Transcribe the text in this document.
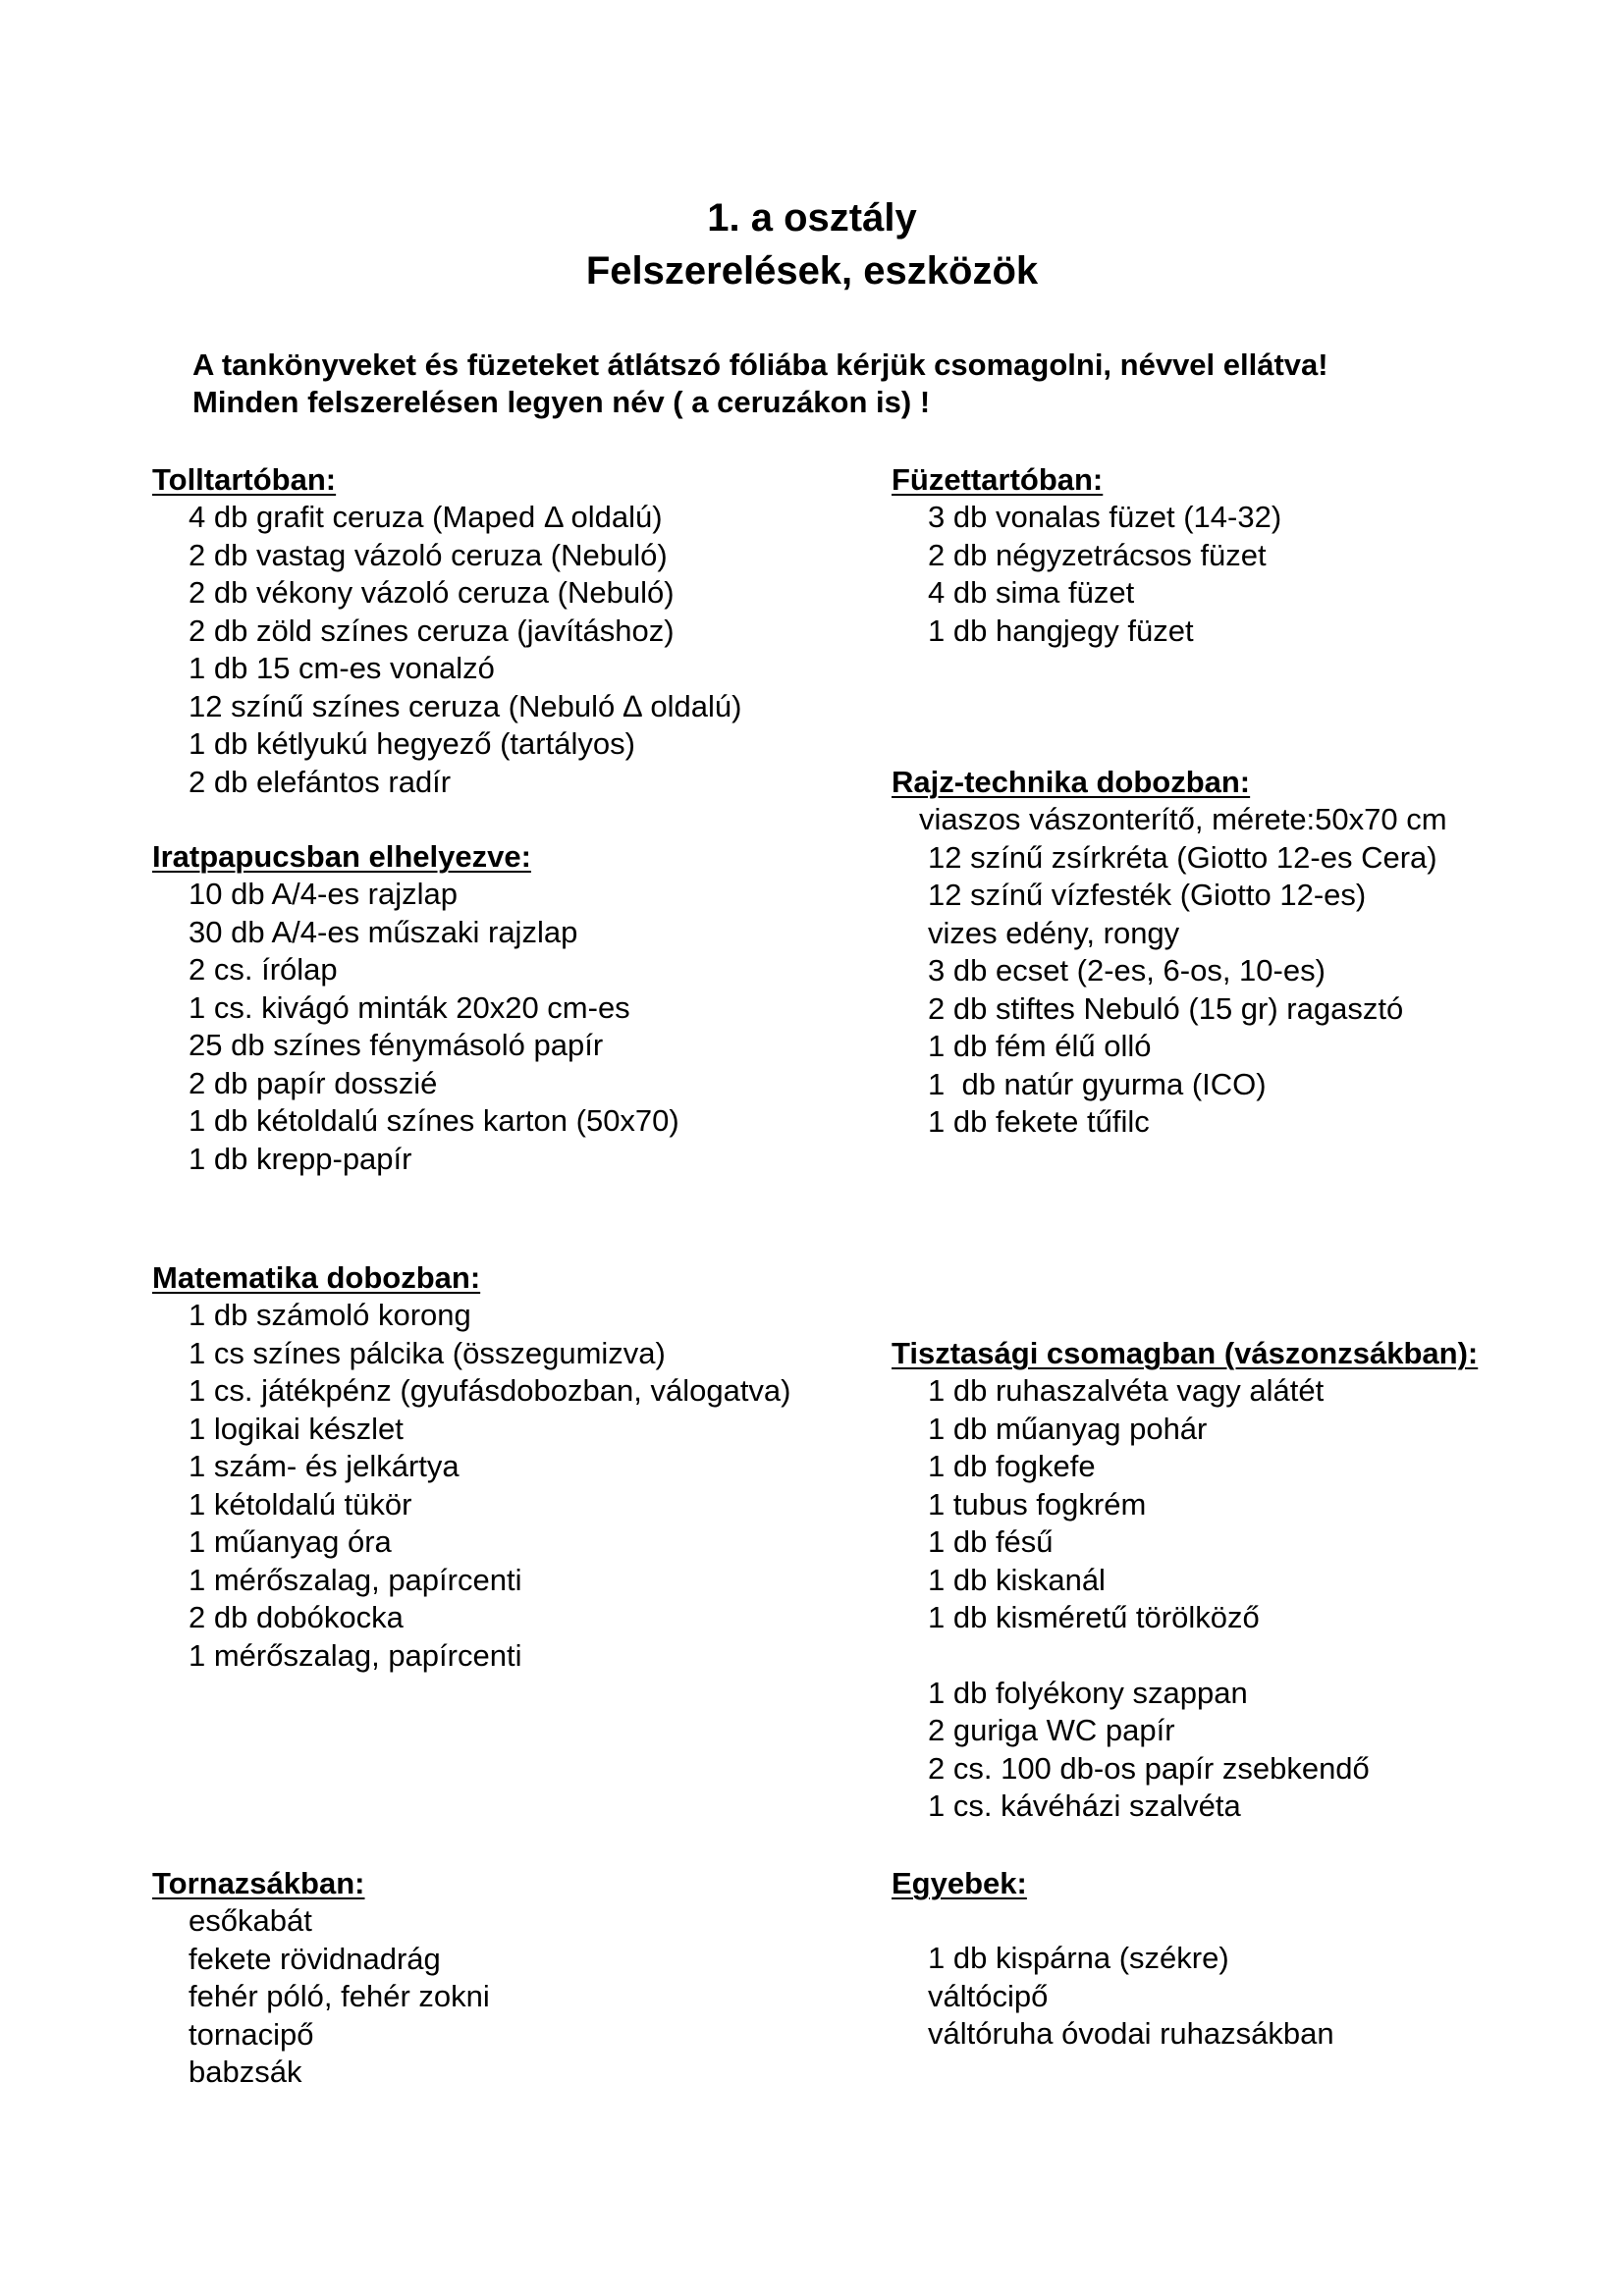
1. a osztály
Felszerelések, eszközök
A tankönyveket és füzeteket átlátszó fóliába kérjük csomagolni, névvel ellátva!
Minden felszerelésen legyen név ( a ceruzákon is) !
Tolltartóban:
4 db grafit ceruza (Maped Δ oldalú)
2 db vastag vázoló ceruza (Nebuló)
2 db vékony vázoló ceruza (Nebuló)
2 db zöld színes ceruza (javításhoz)
1 db 15 cm-es vonalzó
12 színű színes ceruza (Nebuló ∆ oldalú)
1 db kétlyukú hegyező (tartályos)
2 db elefántos radír
Füzettartóban:
3 db vonalas füzet (14-32)
2 db négyzetrácsos füzet
4 db sima füzet
1 db hangjegy füzet
Iratpapucsban elhelyezve:
10 db A/4-es rajzlap
30 db A/4-es műszaki rajzlap
2 cs. írólap
1 cs. kivágó minták 20x20 cm-es
25 db színes fénymásoló papír
2 db papír dosszié
1 db kétoldalú színes karton (50x70)
1 db krepp-papír
Rajz-technika dobozban:
viaszos vászonterítő, mérete:50x70 cm
12 színű zsírkréta (Giotto 12-es Cera)
12 színű vízfesték (Giotto 12-es)
vizes edény, rongy
3 db ecset (2-es, 6-os, 10-es)
2 db stiftes Nebuló (15 gr) ragasztó
1 db fém élű olló
1  db natúr gyurma (ICO)
1 db fekete tűfilc
Matematika dobozban:
1 db számoló korong
1 cs színes pálcika (összegumizva)
1 cs. játékpénz (gyufásdobozban, válogatva)
1 logikai készlet
1 szám- és jelkártya
1 kétoldalú tükör
1 műanyag óra
1 mérőszalag, papírcenti
2 db dobókocka
1 mérőszalag, papírcenti
Tisztasági csomagban (vászonzsákban):
1 db ruhaszalvéta vagy alátét
1 db műanyag pohár
1 db fogkefe
1 tubus fogkrém
1 db fésű
1 db kiskanál
1 db kisméretű törölköző
1 db folyékony szappan
2 guriga WC papír
2 cs. 100 db-os papír zsebkendő
1 cs. kávéházi szalvéta
Tornazsákban:
esőkabát
fekete rövidnadrág
fehér póló, fehér zokni
tornacipő
babzsák
Egyebek:
1 db kispárna (székre)
váltócipő
váltóruha óvodai ruhazsákban
